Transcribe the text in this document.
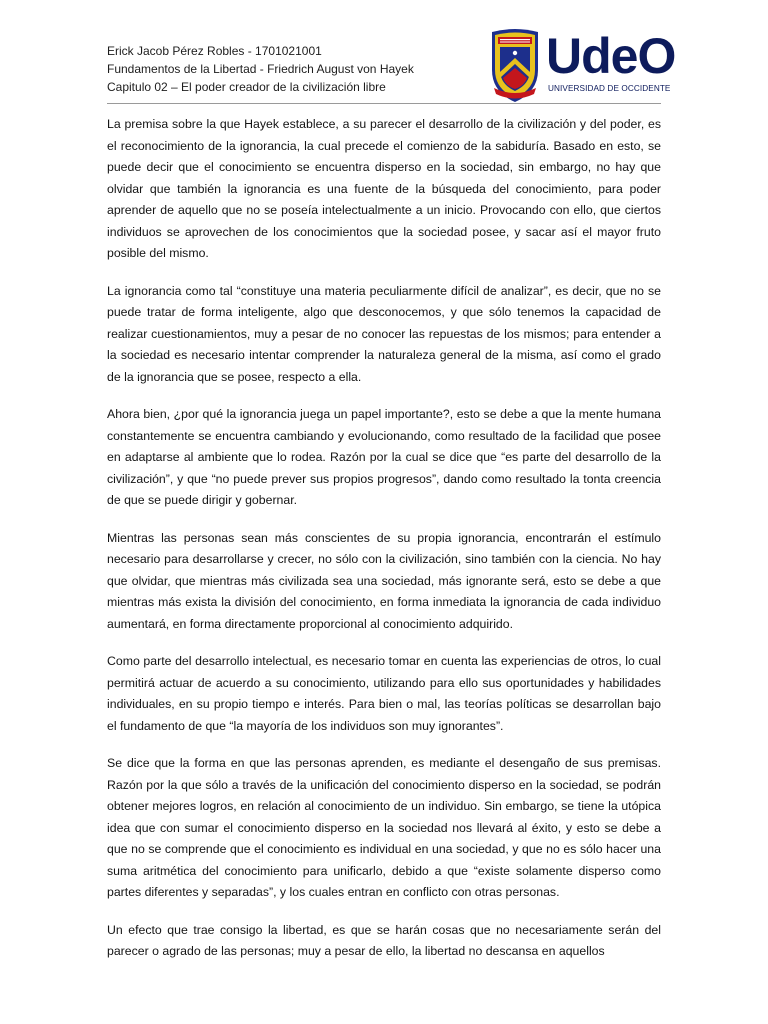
Erick Jacob Pérez Robles - 1701021001
Fundamentos de la Libertad - Friedrich August von Hayek
Capitulo 02 – El poder creador de la civilización libre
UdeO
UNIVERSIDAD DE OCCIDENTE

La premisa sobre la que Hayek establece, a su parecer el desarrollo de la civilización y del poder, es el reconocimiento de la ignorancia, la cual precede el comienzo de la sabiduría. Basado en esto, se puede decir que el conocimiento se encuentra disperso en la sociedad, sin embargo, no hay que olvidar que también la ignorancia es una fuente de la búsqueda del conocimiento, para poder aprender de aquello que no se poseía intelectualmente a un inicio. Provocando con ello, que ciertos individuos se aprovechen de los conocimientos que la sociedad posee, y sacar así el mayor fruto posible del mismo.

La ignorancia como tal “constituye una materia peculiarmente difícil de analizar”, es decir, que no se puede tratar de forma inteligente, algo que desconocemos, y que sólo tenemos la capacidad de realizar cuestionamientos, muy a pesar de no conocer las repuestas de los mismos; para entender a la sociedad es necesario intentar comprender la naturaleza general de la misma, así como el grado de la ignorancia que se posee, respecto a ella.

Ahora bien, ¿por qué la ignorancia juega un papel importante?, esto se debe a que la mente humana constantemente se encuentra cambiando y evolucionando, como resultado de la facilidad que posee en adaptarse al ambiente que lo rodea. Razón por la cual se dice que “es parte del desarrollo de la civilización”, y que “no puede prever sus propios progresos”, dando como resultado la tonta creencia de que se puede dirigir y gobernar.

Mientras las personas sean más conscientes de su propia ignorancia, encontrarán el estímulo necesario para desarrollarse y crecer, no sólo con la civilización, sino también con la ciencia. No hay que olvidar, que mientras más civilizada sea una sociedad, más ignorante será, esto se debe a que mientras más exista la división del conocimiento, en forma inmediata la ignorancia de cada individuo aumentará, en forma directamente proporcional al conocimiento adquirido.

Como parte del desarrollo intelectual, es necesario tomar en cuenta las experiencias de otros, lo cual permitirá actuar de acuerdo a su conocimiento, utilizando para ello sus oportunidades y habilidades individuales, en su propio tiempo e interés. Para bien o mal, las teorías políticas se desarrollan bajo el fundamento de que “la mayoría de los individuos son muy ignorantes”.

Se dice que la forma en que las personas aprenden, es mediante el desengaño de sus premisas. Razón por la que sólo a través de la unificación del conocimiento disperso en la sociedad, se podrán obtener mejores logros, en relación al conocimiento de un individuo. Sin embargo, se tiene la utópica idea que con sumar el conocimiento disperso en la sociedad nos llevará al éxito, y esto se debe a que no se comprende que el conocimiento es individual en una sociedad, y que no es sólo hacer una suma aritmética del conocimiento para unificarlo, debido a que “existe solamente disperso como partes diferentes y separadas”, y los cuales entran en conflicto con otras personas.

Un efecto que trae consigo la libertad, es que se harán cosas que no necesariamente serán del parecer o agrado de las personas; muy a pesar de ello, la libertad no descansa en aquellos
